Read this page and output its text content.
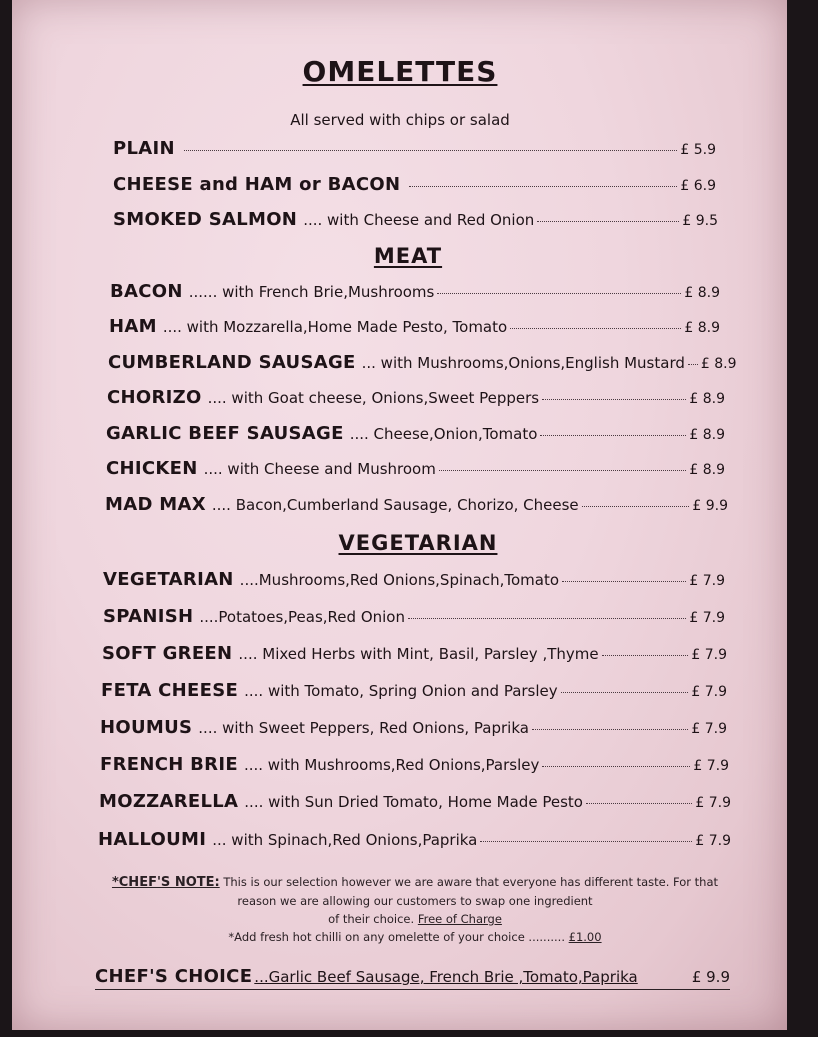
OMELETTES
All served with chips or salad
PLAIN	£ 5.9
CHEESE and HAM or BACON	£ 6.9
SMOKED SALMON .... with Cheese and Red Onion	£ 9.5
MEAT
BACON ...... with French Brie,Mushrooms	£ 8.9
HAM .... with Mozzarella,Home Made Pesto, Tomato	£ 8.9
CUMBERLAND SAUSAGE ... with Mushrooms,Onions,English Mustard £ 8.9
CHORIZO .... with Goat cheese, Onions,Sweet Peppers	£ 8.9
GARLIC BEEF SAUSAGE .... Cheese,Onion,Tomato	£ 8.9
CHICKEN .... with Cheese and Mushroom	£ 8.9
MAD MAX .... Bacon,Cumberland Sausage, Chorizo, Cheese	£ 9.9
VEGETARIAN
VEGETARIAN ....Mushrooms,Red Onions,Spinach,Tomato	£ 7.9
SPANISH ....Potatoes,Peas,Red Onion	£ 7.9
SOFT GREEN .... Mixed Herbs with Mint, Basil, Parsley ,Thyme	£ 7.9
FETA CHEESE .... with Tomato, Spring Onion and Parsley	£ 7.9
HOUMUS .... with Sweet Peppers, Red Onions, Paprika	£ 7.9
FRENCH BRIE .... with Mushrooms,Red Onions,Parsley	£ 7.9
MOZZARELLA .... with Sun Dried Tomato, Home Made Pesto	£ 7.9
HALLOUMI ... with Spinach,Red Onions,Paprika	£ 7.9
*CHEF'S NOTE: This is our selection however we are aware that everyone has different taste. For that
reason we are allowing our customers to swap one ingredient
of their choice. Free of Charge
*Add fresh hot chilli on any omelette of your choice .......... £1.00
CHEF'S CHOICE ...Garlic Beef Sausage, French Brie ,Tomato,Paprika	£ 9.9
